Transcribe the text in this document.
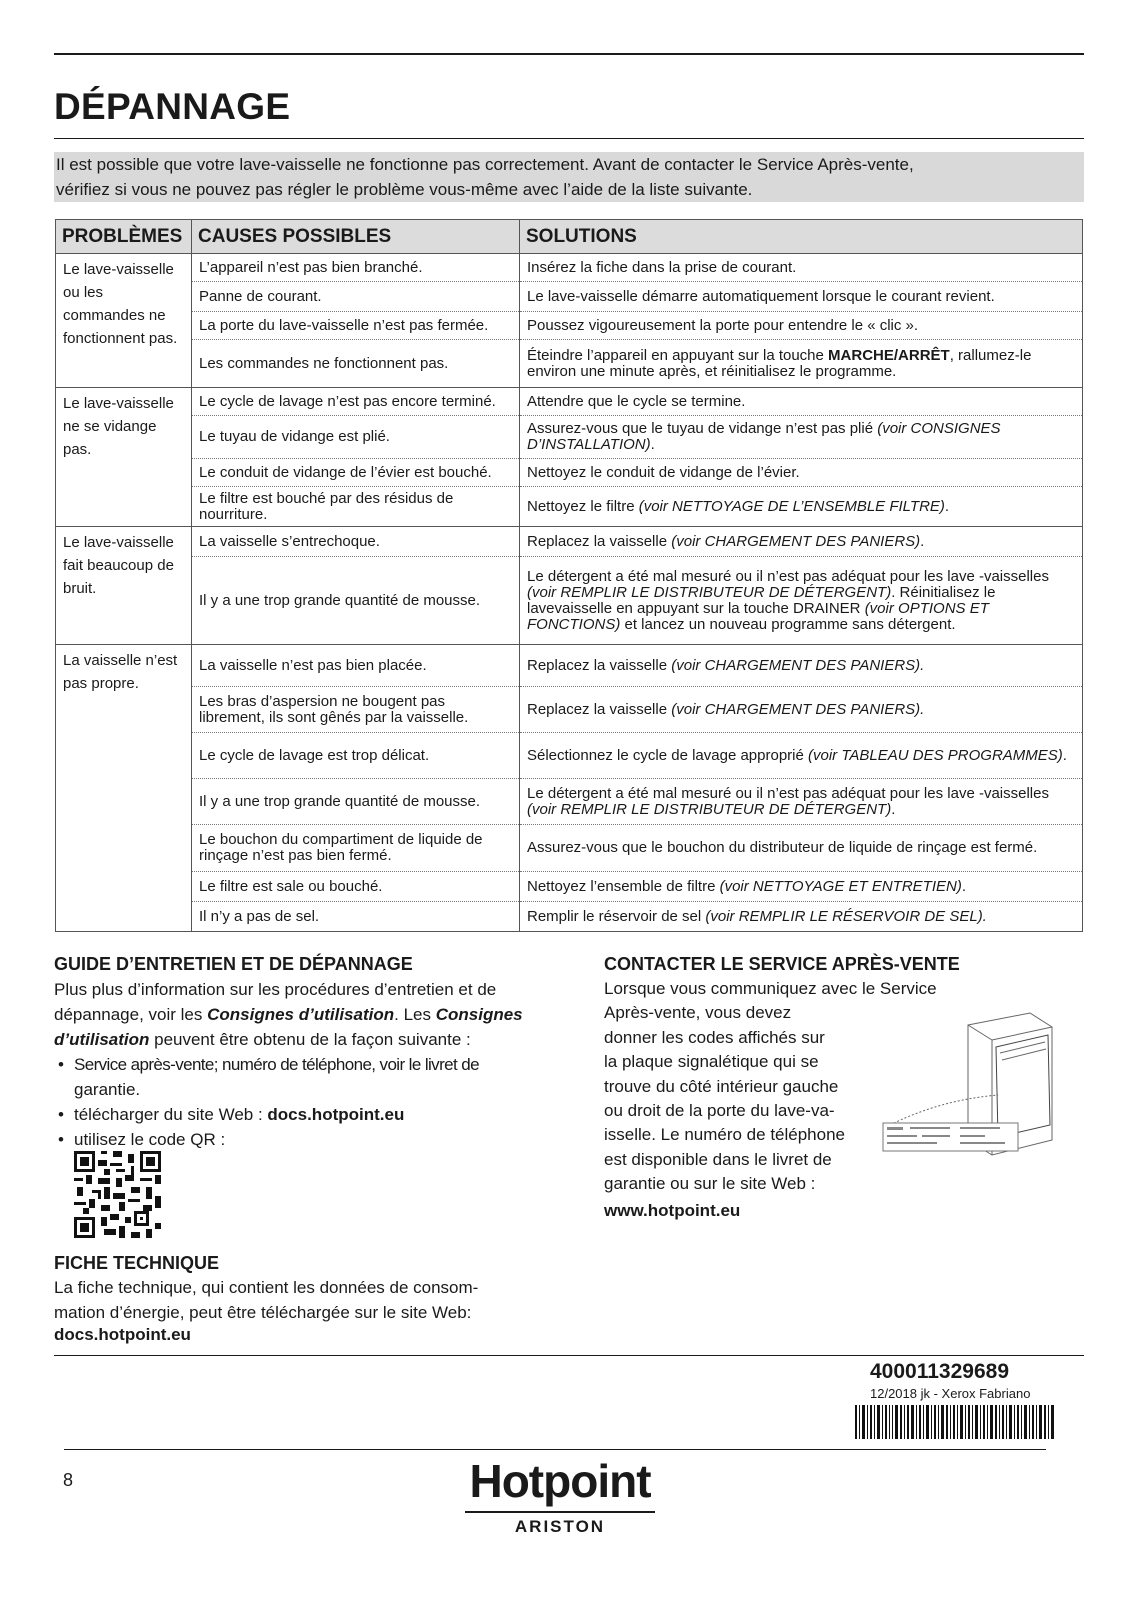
DÉPANNAGE
Il est possible que votre lave-vaisselle ne fonctionne pas correctement. Avant de contacter le Service Après-vente,
vérifiez si vous ne pouvez pas régler le problème vous-même avec l’aide de la liste suivante.
PROBLÈMES	CAUSES POSSIBLES	SOLUTIONS
Le lave-vaisselle ou les commandes ne fonctionnent pas.	L’appareil n’est pas bien branché.	Insérez la fiche dans la prise de courant.
	Panne de courant.	Le lave-vaisselle démarre automatiquement lorsque le courant revient.
	La porte du lave-vaisselle n’est pas fermée.	Poussez vigoureusement la porte pour entendre le « clic ».
	Les commandes ne fonctionnent pas.	Éteindre l’appareil en appuyant sur la touche MARCHE/ARRÊT, rallumez-le environ une minute après, et réinitialisez le programme.
Le lave-vaisselle ne se vidange pas.	Le cycle de lavage n’est pas encore terminé.	Attendre que le cycle se termine.
	Le tuyau de vidange est plié.	Assurez-vous que le tuyau de vidange n’est pas plié (voir CONSIGNES D’INSTALLATION).
	Le conduit de vidange de l’évier est bouché.	Nettoyez le conduit de vidange de l’évier.
	Le filtre est bouché par des résidus de nourriture.	Nettoyez le filtre (voir NETTOYAGE DE L’ENSEMBLE FILTRE).
Le lave-vaisselle fait beaucoup de bruit.	La vaisselle s’entrechoque.	Replacez la vaisselle (voir CHARGEMENT DES PANIERS).
	Il y a une trop grande quantité de mousse.	Le détergent a été mal mesuré ou il n’est pas adéquat pour les lave -vaisselles (voir REMPLIR LE DISTRIBUTEUR DE DÉTERGENT). Réinitialisez le lavevaisselle en appuyant sur la touche DRAINER (voir OPTIONS ET FONCTIONS) et lancez un nouveau programme sans détergent.
La vaisselle n’est pas propre.	La vaisselle n’est pas bien placée.	Replacez la vaisselle (voir CHARGEMENT DES PANIERS).
	Les bras d’aspersion ne bougent pas librement, ils sont gênés par la vaisselle.	Replacez la vaisselle (voir CHARGEMENT DES PANIERS).
	Le cycle de lavage est trop délicat.	Sélectionnez le cycle de lavage approprié (voir TABLEAU DES PROGRAMMES).
	Il y a une trop grande quantité de mousse.	Le détergent a été mal mesuré ou il n’est pas adéquat pour les lave -vaisselles (voir REMPLIR LE DISTRIBUTEUR DE DÉTERGENT).
	Le bouchon du compartiment de liquide de rinçage n’est pas bien fermé.	Assurez-vous que le bouchon du distributeur de liquide de rinçage est fermé.
	Le filtre est sale ou bouché.	Nettoyez l’ensemble de filtre (voir NETTOYAGE ET ENTRETIEN).
	Il n’y a pas de sel.	Remplir le réservoir de sel (voir REMPLIR LE RÉSERVOIR DE SEL).
GUIDE D’ENTRETIEN ET DE DÉPANNAGE
Plus plus d’information sur les procédures d’entretien et de
dépannage, voir les Consignes d’utilisation. Les Consignes
d’utilisation peuvent être obtenu de la façon suivante :
• Service après-vente; numéro de téléphone, voir le livret de
garantie.
• télécharger du site Web : docs.hotpoint.eu
• utilisez le code QR :
FICHE TECHNIQUE
La fiche technique, qui contient les données de consom-
mation d’énergie, peut être téléchargée sur le site Web:
docs.hotpoint.eu
CONTACTER LE SERVICE APRÈS-VENTE
Lorsque vous communiquez avec le Service
Après-vente, vous devez
donner les codes affichés sur
la plaque signalétique qui se
trouve du côté intérieur gauche
ou droit de la porte du lave-va-
isselle. Le numéro de téléphone
est disponible dans le livret de
garantie ou sur le site Web :
www.hotpoint.eu
400011329689
12/2018 jk - Xerox Fabriano
8	Hotpoint
ARISTON
